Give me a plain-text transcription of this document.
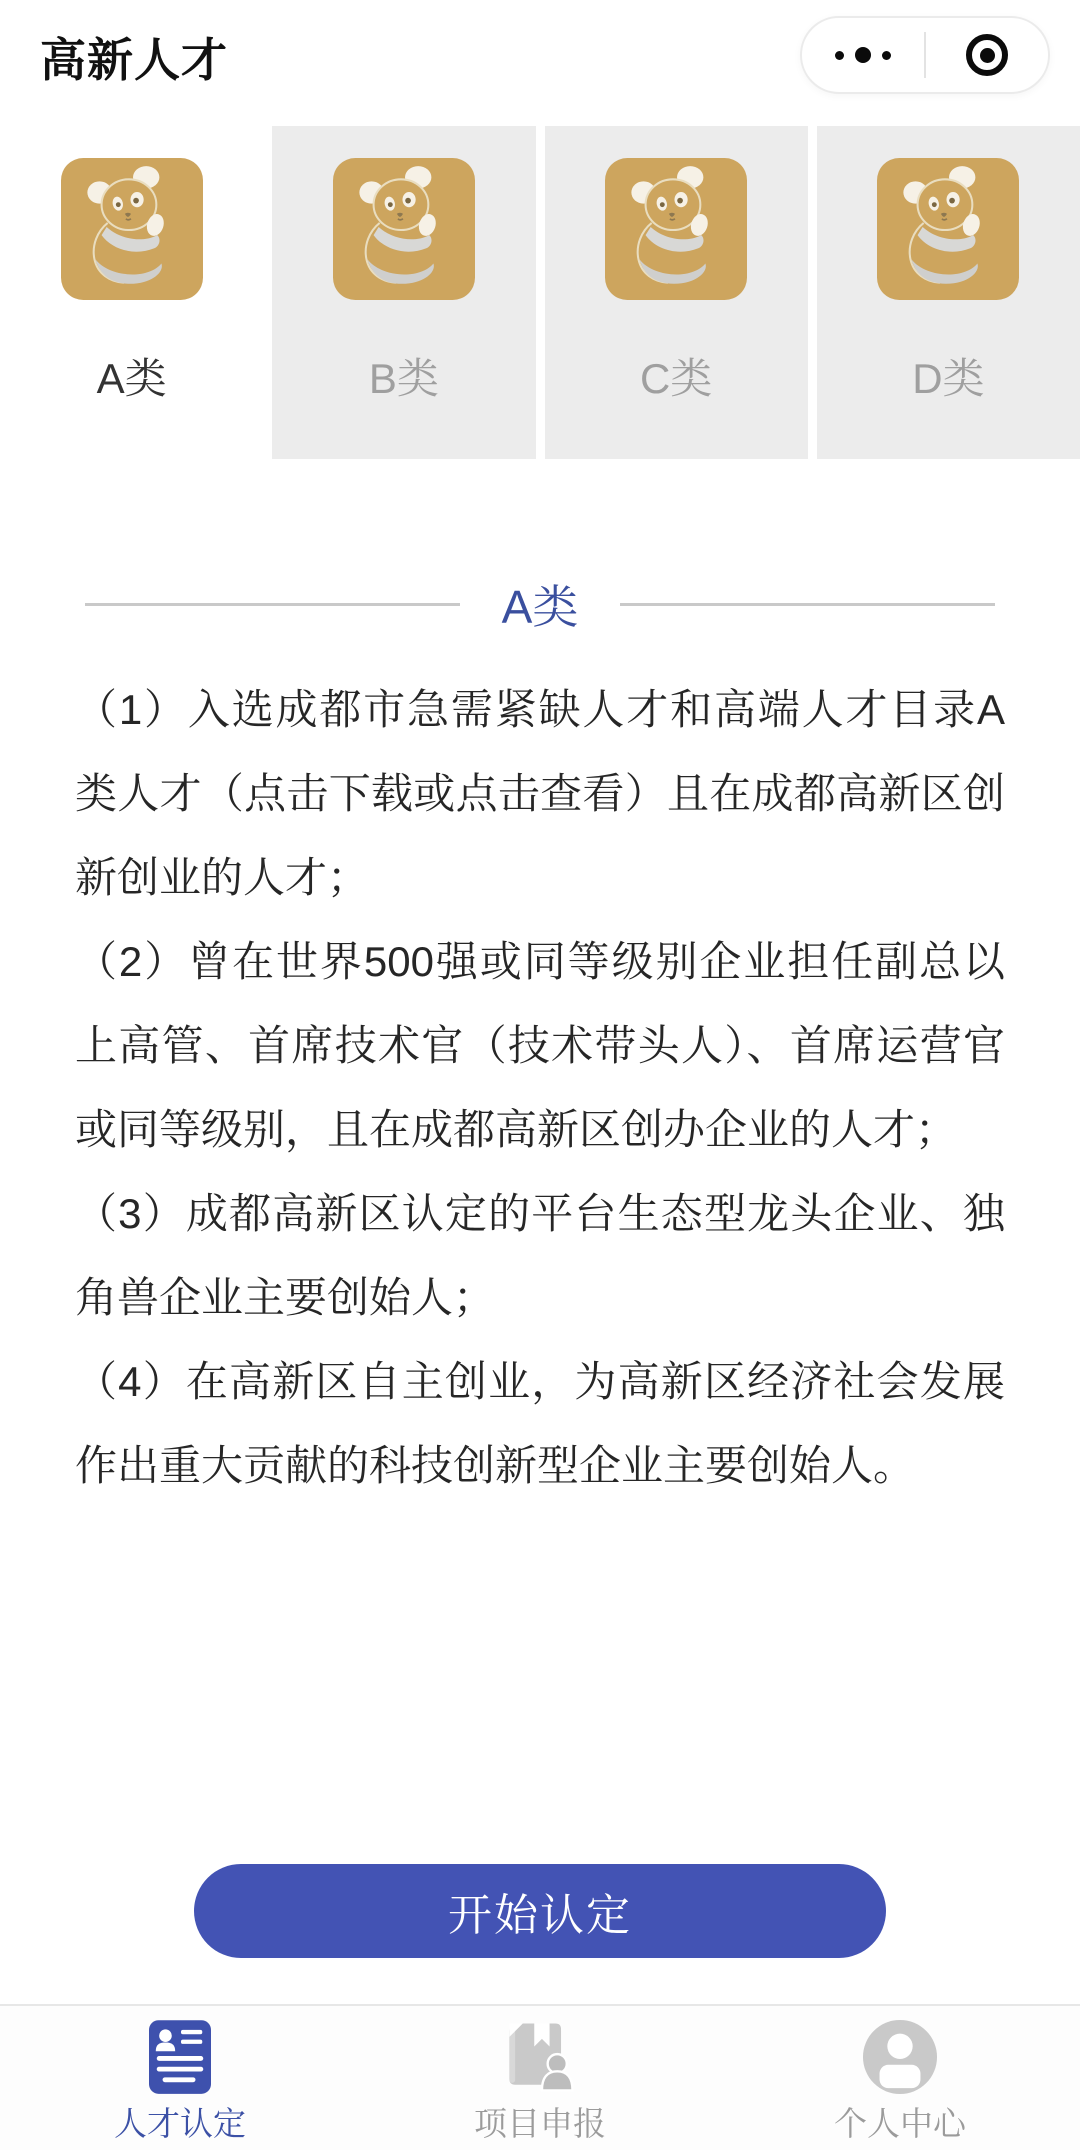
高新人才
A类	B类	C类	D类
A类

（1）入选成都市急需紧缺人才和高端人才目录A类人才（点击下载或点击查看）且在成都高新区创新创业的人才；

（2）曾在世界500强或同等级别企业担任副总以上高管、首席技术官（技术带头人）、首席运营官或同等级别，且在成都高新区创办企业的人才；

（3）成都高新区认定的平台生态型龙头企业、独角兽企业主要创始人；

（4）在高新区自主创业，为高新区经济社会发展作出重大贡献的科技创新型企业主要创始人。

开始认定
人才认定	项目申报	个人中心
